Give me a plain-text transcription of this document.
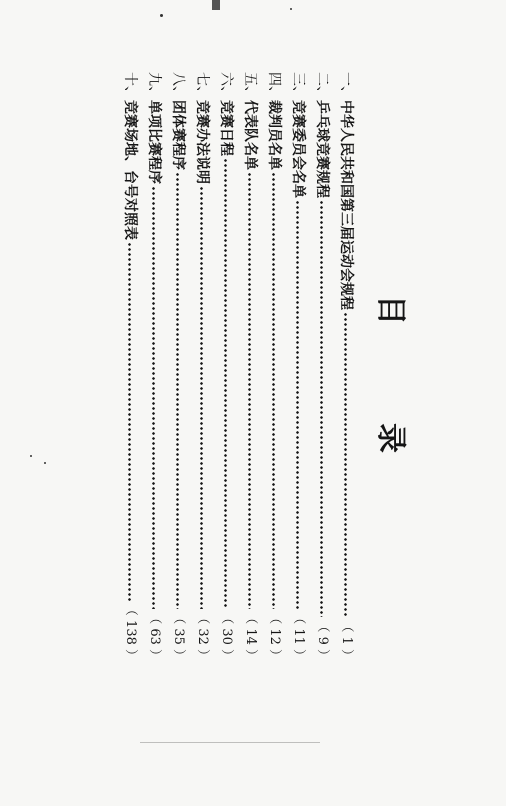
目
录
一、
中华人民共和国第三届运动会规程
（ 1 ）
二、
乒乓球竞赛规程
（ 9 ）
三、
竞赛委员会名单
（ 11 ）
四、
裁判员名单
（ 12 ）
五、
代表队名单
（ 14 ）
六、
竞赛日程
（ 30 ）
七、
竞赛办法说明
（ 32 ）
八、
团体赛程序
（ 35 ）
九、
单项比赛程序
（ 63 ）
十、
竞赛场地、台号对照表
（ 138 ）
